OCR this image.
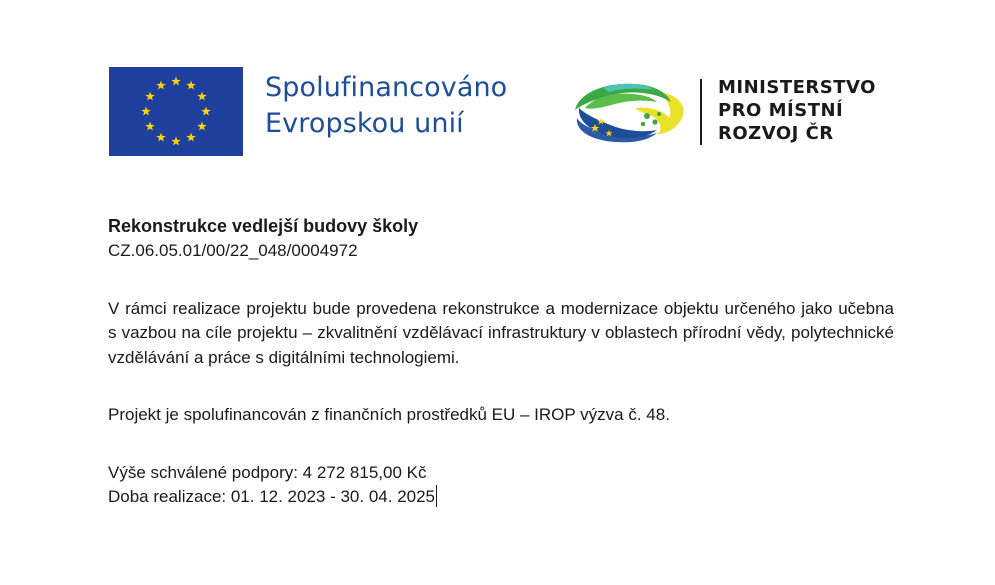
Spolufinancováno
Evropskou unií
MINISTERSTVO
PRO MÍSTNÍ
ROZVOJ ČR

Rekonstrukce vedlejší budovy školy

CZ.06.05.01/00/22_048/0004972

V rámci realizace projektu bude provedena rekonstrukce a modernizace objektu určeného jako učebna s vazbou na cíle projektu – zkvalitnění vzdělávací infrastruktury v oblastech přírodní vědy, polytechnické vzdělávání a práce s digitálními technologiemi.

Projekt je spolufinancován z finančních prostředků EU – IROP výzva č. 48.

Výše schválené podpory: 4 272 815,00 Kč

Doba realizace: 01. 12. 2023 - 30. 04. 2025
